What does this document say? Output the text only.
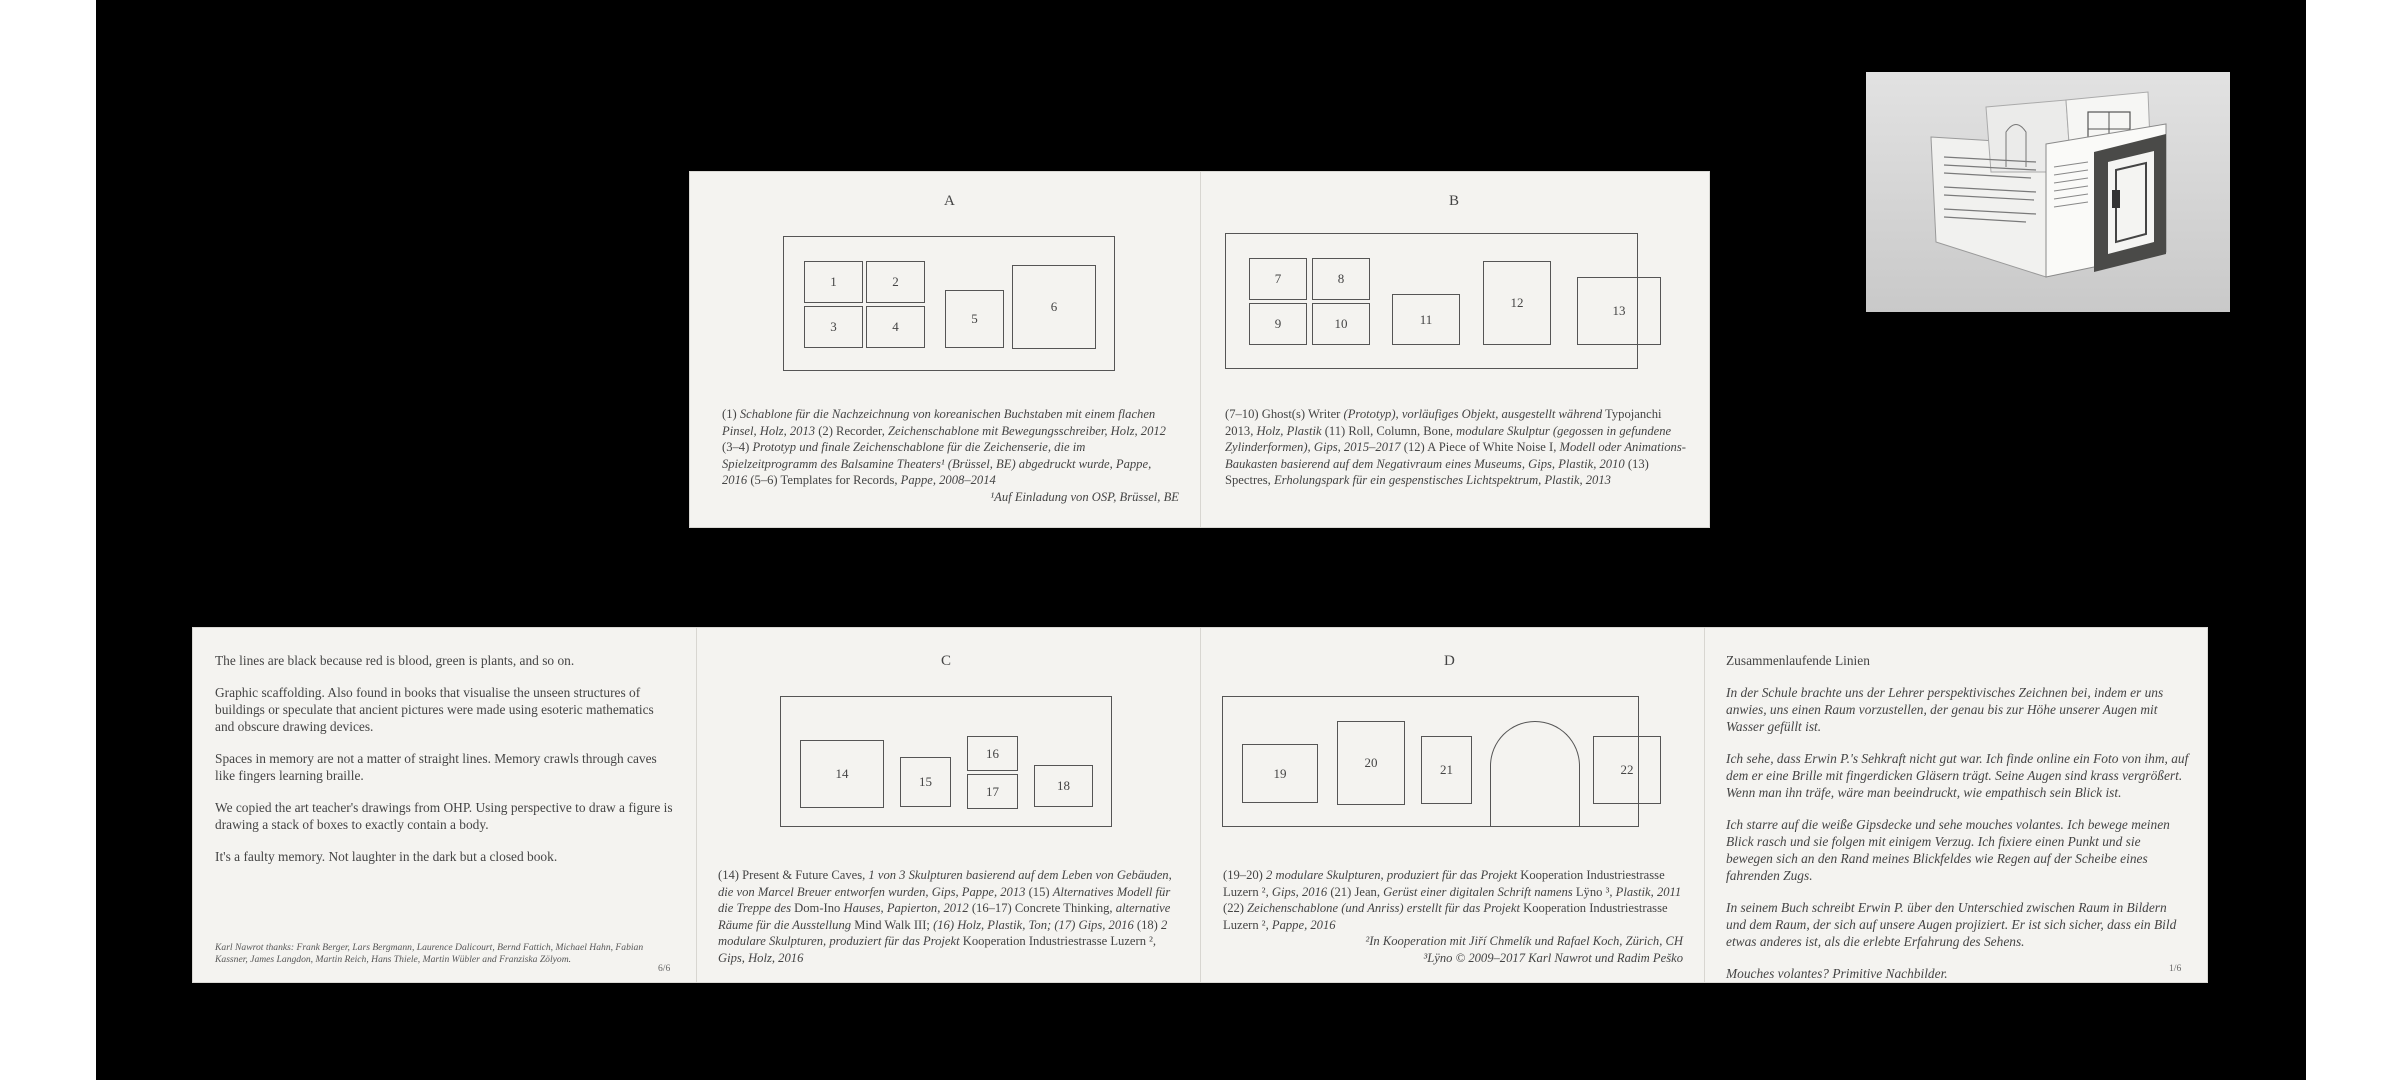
A	B
1	2
3	4
5
6
7	8
9	10	11
12
13
(1) Schablone für die Nachzeichnung von koreanischen Buchstaben mit einem flachen Pinsel, Holz, 2013 (2) Recorder, Zeichenschablone mit Bewegungsschreiber, Holz, 2012 (3–4) Prototyp und finale Zeichenschablone für die Zeichenserie, die im Spielzeitprogramm des Balsamine Theaters¹ (Brüssel, BE) abgedruckt wurde, Pappe, 2016 (5–6) Templates for Records, Pappe, 2008–2014
¹Auf Einladung von OSP, Brüssel, BE
(7–10) Ghost(s) Writer (Prototyp), vorläufiges Objekt, ausgestellt während Typojanchi 2013, Holz, Plastik (11) Roll, Column, Bone, modulare Skulptur (gegossen in gefundene Zylinderformen), Gips, 2015–2017 (12) A Piece of White Noise I, Modell oder Animations-Baukasten basierend auf dem Negativraum eines Museums, Gips, Plastik, 2010 (13) Spectres, Erholungspark für ein gespenstisches Lichtspektrum, Plastik, 2013

The lines are black because red is blood, green is plants, and so on.

Graphic scaffolding. Also found in books that visualise the unseen structures of buildings or speculate that ancient pictures were made using esoteric mathematics and obscure drawing devices.

Spaces in memory are not a matter of straight lines. Memory crawls through caves like fingers learning braille.

We copied the art teacher's drawings from OHP. Using perspective to draw a figure is drawing a stack of boxes to exactly contain a body.

It's a faulty memory. Not laughter in the dark but a closed book.

Karl Nawrot thanks: Frank Berger, Lars Bergmann, Laurence Dalicourt, Bernd Fattich, Michael Hahn, Fabian Kassner, James Langdon, Martin Reich, Hans Thiele, Martin Wübler and Franziska Zölyom.
6/6
C
14
15
16
17	18
(14) Present & Future Caves, 1 von 3 Skulpturen basierend auf dem Leben von Gebäuden, die von Marcel Breuer entworfen wurden, Gips, Pappe, 2013 (15) Alternatives Modell für die Treppe des Dom-Ino Hauses, Papierton, 2012 (16–17) Concrete Thinking, alternative Räume für die Ausstellung Mind Walk III; (16) Holz, Plastik, Ton; (17) Gips, 2016 (18) 2 modulare Skulpturen, produziert für das Projekt Kooperation Industriestrasse Luzern ², Gips, Holz, 2016
D
19
20	21	22
(19–20) 2 modulare Skulpturen, produziert für das Projekt Kooperation Industriestrasse Luzern ², Gips, 2016 (21) Jean, Gerüst einer digitalen Schrift namens Lÿno ³, Plastik, 2011 (22) Zeichenschablone (und Anriss) erstellt für das Projekt Kooperation Industriestrasse Luzern ², Pappe, 2016
²In Kooperation mit Jiří Chmelík und Rafael Koch, Zürich, CH
³Lÿno © 2009–2017 Karl Nawrot und Radim Peško

Zusammenlaufende Linien

In der Schule brachte uns der Lehrer perspektivisches Zeichnen bei, indem er uns anwies, uns einen Raum vorzustellen, der genau bis zur Höhe unserer Augen mit Wasser gefüllt ist.

Ich sehe, dass Erwin P.'s Sehkraft nicht gut war. Ich finde online ein Foto von ihm, auf dem er eine Brille mit fingerdicken Gläsern trägt. Seine Augen sind krass vergrößert. Wenn man ihn träfe, wäre man beeindruckt, wie empathisch sein Blick ist.

Ich starre auf die weiße Gipsdecke und sehe mouches volantes. Ich bewege meinen Blick rasch und sie folgen mit einigem Verzug. Ich fixiere einen Punkt und sie bewegen sich an den Rand meines Blickfeldes wie Regen auf der Scheibe eines fahrenden Zugs.

In seinem Buch schreibt Erwin P. über den Unterschied zwischen Raum in Bildern und dem Raum, der sich auf unsere Augen projiziert. Er ist sich sicher, dass ein Bild etwas anderes ist, als die erlebte Erfahrung des Sehens.

Mouches volantes? Primitive Nachbilder.	1/6
